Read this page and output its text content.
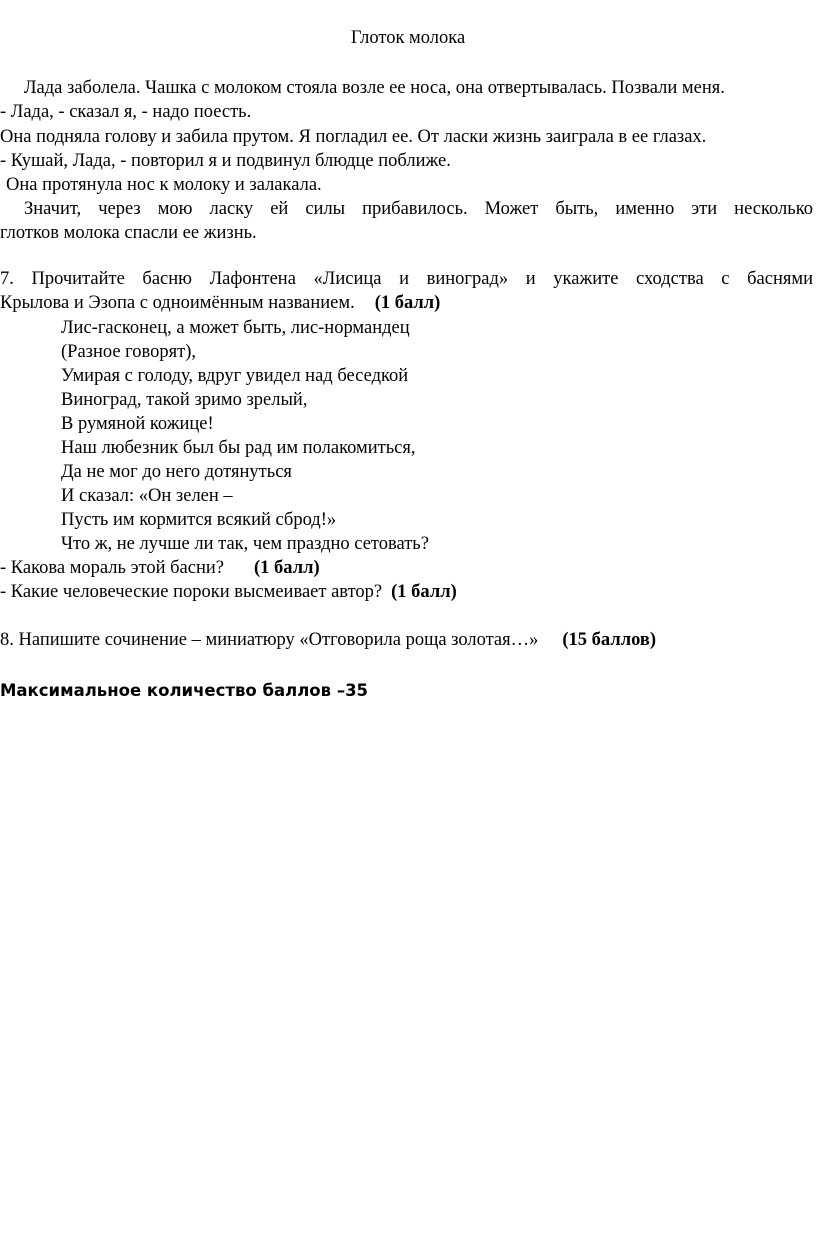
Глоток молока
Лада заболела. Чашка с молоком стояла возле ее носа, она отвертывалась. Позвали меня.
- Лада, - сказал я, - надо поесть.
Она подняла голову и забила прутом. Я погладил ее. От ласки жизнь заиграла в ее глазах.
- Кушай, Лада, - повторил я и подвинул блюдце поближе.
Она протянула нос к молоку и залакала.
Значит, через мою ласку ей силы прибавилось. Может быть, именно эти несколько
глотков молока спасли ее жизнь.
7. Прочитайте басню Лафонтена «Лисица и виноград» и укажите сходства с баснями
Крылова и Эзопа с одноимённым названием. (1 балл)
Лис-гасконец, а может быть, лис-нормандец
(Разное говорят),
Умирая с голоду, вдруг увидел над беседкой
Виноград, такой зримо зрелый,
В румяной кожице!
Наш любезник был бы рад им полакомиться,
Да не мог до него дотянуться
И сказал: «Он зелен –
Пусть им кормится всякий сброд!»
Что ж, не лучше ли так, чем праздно сетовать?
- Какова мораль этой басни? (1 балл)
- Какие человеческие пороки высмеивает автор? (1 балл)
8. Напишите сочинение – миниатюру «Отговорила роща золотая…» (15 баллов)
Максимальное количество баллов –35
